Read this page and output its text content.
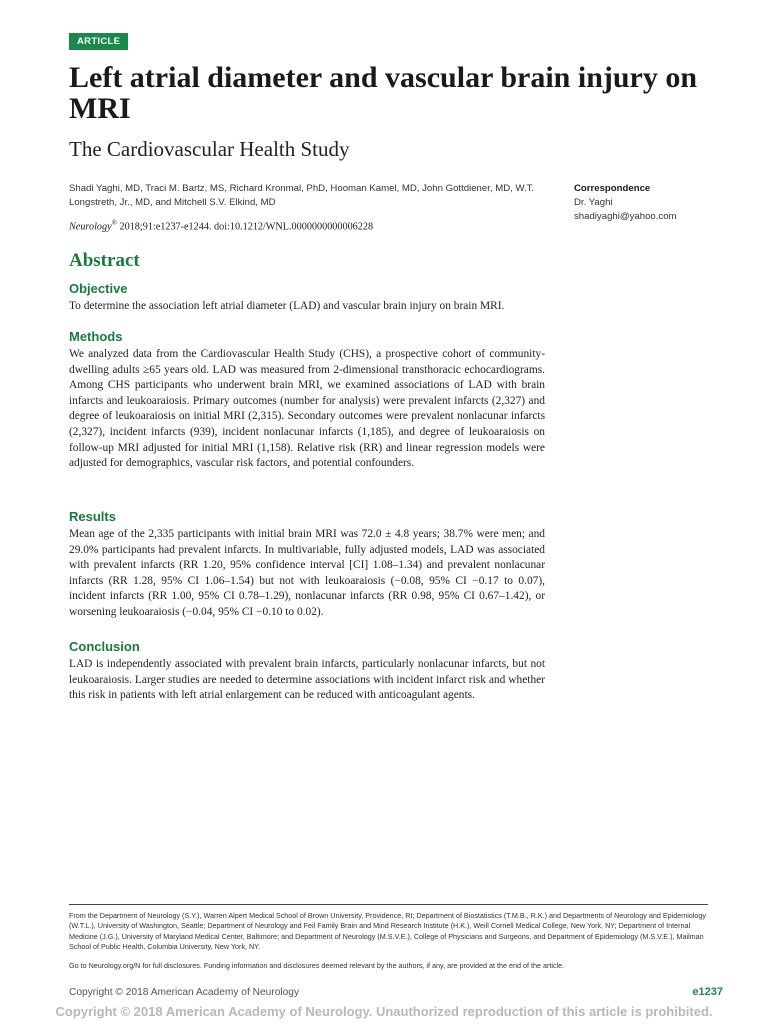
ARTICLE
Left atrial diameter and vascular brain injury on MRI
The Cardiovascular Health Study
Shadi Yaghi, MD, Traci M. Bartz, MS, Richard Kronmal, PhD, Hooman Kamel, MD, John Gottdiener, MD, W.T. Longstreth, Jr., MD, and Mitchell S.V. Elkind, MD
Neurology® 2018;91:e1237-e1244. doi:10.1212/WNL.0000000000006228
Correspondence
Dr. Yaghi
shadiyaghi@yahoo.com
Abstract
Objective

To determine the association left atrial diameter (LAD) and vascular brain injury on brain MRI.

Methods

We analyzed data from the Cardiovascular Health Study (CHS), a prospective cohort of community-dwelling adults ≥65 years old. LAD was measured from 2-dimensional transthoracic echocardiograms. Among CHS participants who underwent brain MRI, we examined associations of LAD with brain infarcts and leukoaraiosis. Primary outcomes (number for analysis) were prevalent infarcts (2,327) and degree of leukoaraiosis on initial MRI (2,315). Secondary outcomes were prevalent nonlacunar infarcts (2,327), incident infarcts (939), incident nonlacunar infarcts (1,185), and degree of leukoaraiosis on follow-up MRI adjusted for initial MRI (1,158). Relative risk (RR) and linear regression models were adjusted for demographics, vascular risk factors, and potential confounders.

Results

Mean age of the 2,335 participants with initial brain MRI was 72.0 ± 4.8 years; 38.7% were men; and 29.0% participants had prevalent infarcts. In multivariable, fully adjusted models, LAD was associated with prevalent infarcts (RR 1.20, 95% confidence interval [CI] 1.08–1.34) and prevalent nonlacunar infarcts (RR 1.28, 95% CI 1.06–1.54) but not with leukoaraiosis (−0.08, 95% CI −0.17 to 0.07), incident infarcts (RR 1.00, 95% CI 0.78–1.29), nonlacunar infarcts (RR 0.98, 95% CI 0.67–1.42), or worsening leukoaraiosis (−0.04, 95% CI −0.10 to 0.02).

Conclusion

LAD is independently associated with prevalent brain infarcts, particularly nonlacunar infarcts, but not leukoaraiosis. Larger studies are needed to determine associations with incident infarct risk and whether this risk in patients with left atrial enlargement can be reduced with anticoagulant agents.

From the Department of Neurology (S.Y.), Warren Alpert Medical School of Brown University, Providence, RI; Department of Biostatistics (T.M.B., R.K.) and Departments of Neurology and Epidemiology (W.T.L.), University of Washington, Seattle; Department of Neurology and Feil Family Brain and Mind Research Institute (H.K.), Weill Cornell Medical College, New York, NY; Department of Internal Medicine (J.G.), University of Maryland Medical Center, Baltimore; and Department of Neurology (M.S.V.E.), College of Physicians and Surgeons, and Department of Epidemiology (M.S.V.E.), Mailman School of Public Health, Columbia University, New York, NY.
Go to Neurology.org/N for full disclosures. Funding information and disclosures deemed relevant by the authors, if any, are provided at the end of the article.
Copyright © 2018 American Academy of Neurology	e1237
Copyright © 2018 American Academy of Neurology. Unauthorized reproduction of this article is prohibited.
